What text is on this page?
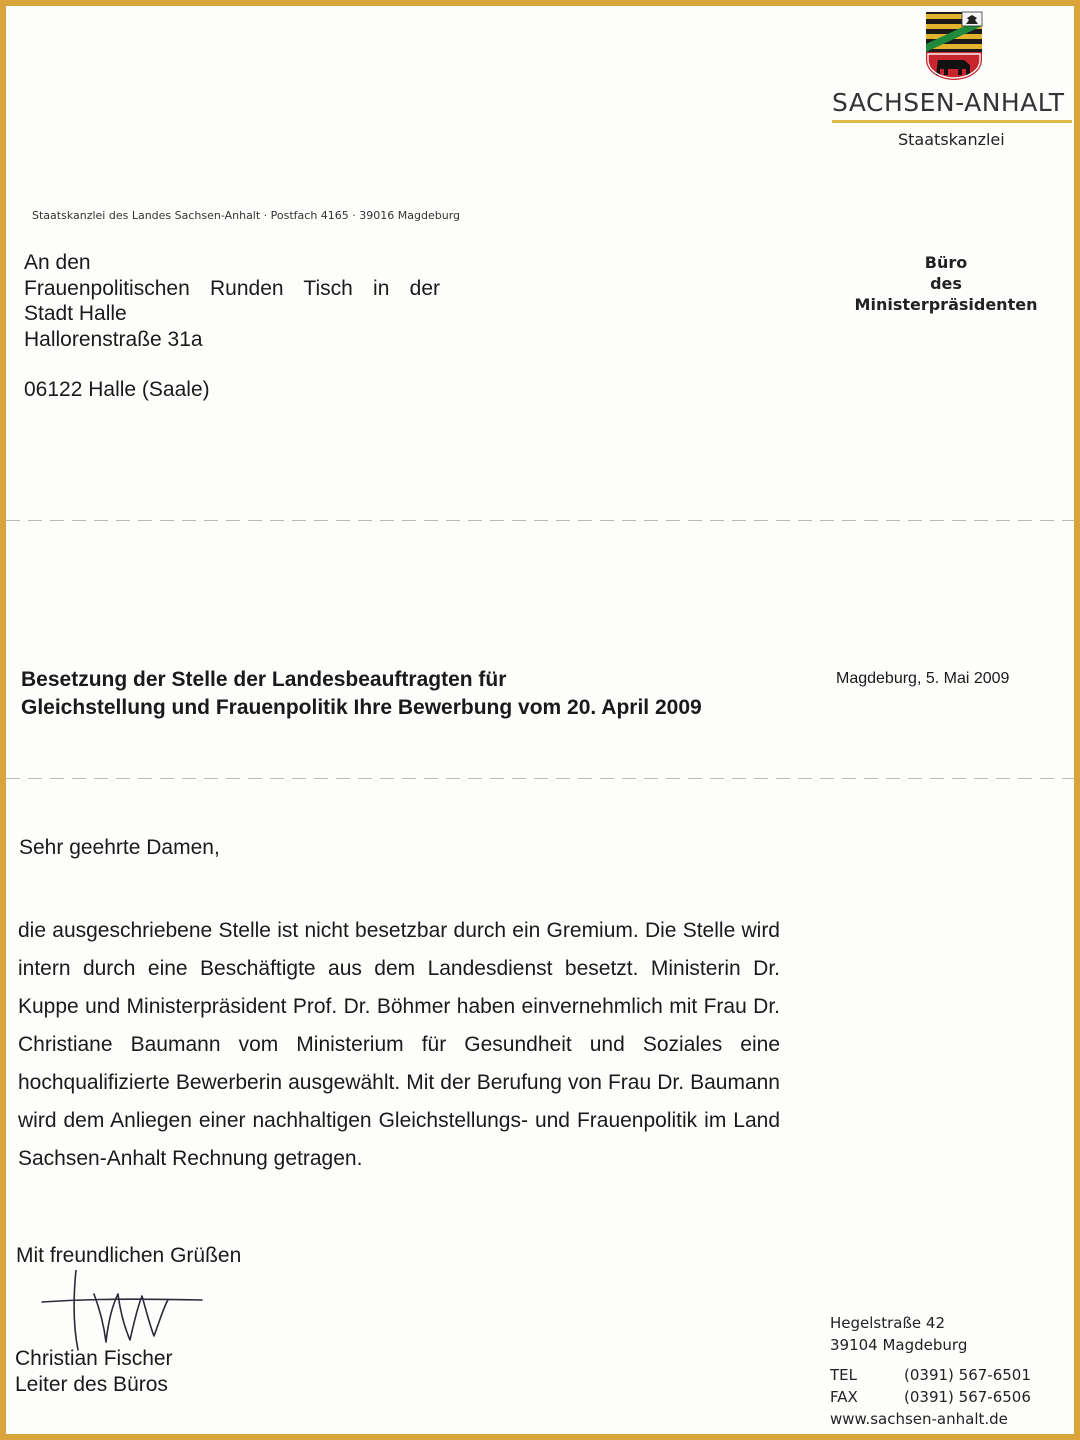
SACHSEN-ANHALT
Staatskanzlei
Staatskanzlei des Landes Sachsen-Anhalt · Postfach 4165 · 39016 Magdeburg
Büro
des Ministerpräsidenten
An den
Frauenpolitischen Runden Tisch in der
Stadt Halle
Hallorenstraße 31a
06122 Halle (Saale)
Besetzung der Stelle der Landesbeauftragten für
Gleichstellung und Frauenpolitik Ihre Bewerbung vom 20. April 2009
Magdeburg, 5. Mai 2009
Sehr geehrte Damen,
die ausgeschriebene Stelle ist nicht besetzbar durch ein Gremium. Die Stelle wird intern durch eine Beschäftigte aus dem Landesdienst besetzt. Ministerin Dr. Kuppe und Ministerpräsident Prof. Dr. Böhmer haben einvernehmlich mit Frau Dr. Christiane Baumann vom Ministerium für Gesundheit und Soziales eine hochqualifizierte Bewerberin ausgewählt. Mit der Berufung von Frau Dr. Baumann wird dem Anliegen einer nachhaltigen Gleichstellungs- und Frauenpolitik im Land Sachsen-Anhalt Rechnung getragen.
Mit freundlichen Grüßen
Christian Fischer
Leiter des Büros
Hegelstraße 42
39104 Magdeburg
TEL	(0391) 567-6501
FAX	(0391) 567-6506
www.sachsen-anhalt.de
